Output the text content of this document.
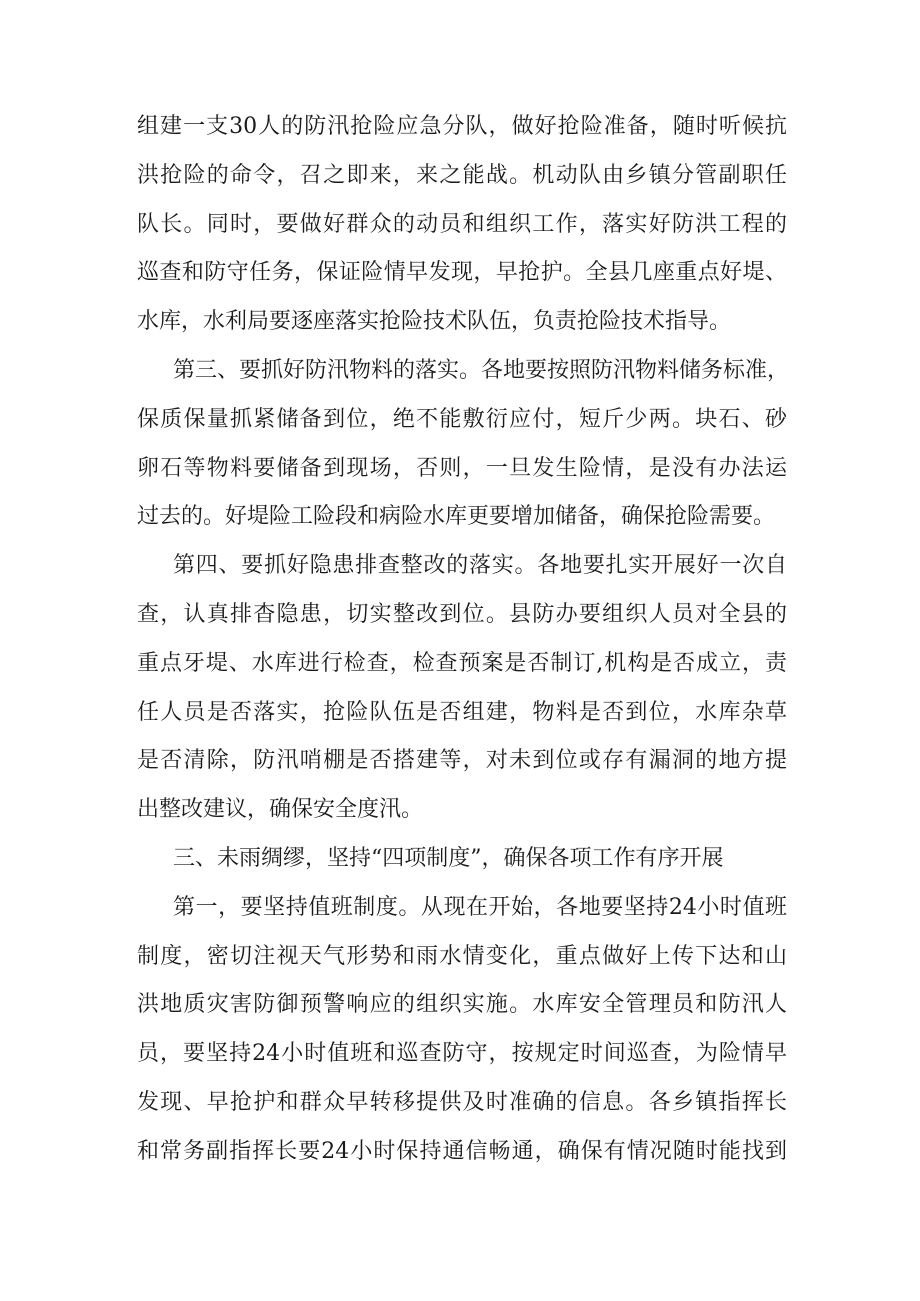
组建一支30人的防汛抢险应急分队，做好抢险准备，随时听候抗
洪抢险的命令，召之即来，来之能战。机动队由乡镇分管副职任
队长。同时，要做好群众的动员和组织工作，落实好防洪工程的
巡查和防守任务，保证险情早发现，早抢护。全县几座重点好堤、
水库，水利局要逐座落实抢险技术队伍，负责抢险技术指导。
第三、要抓好防汛物料的落实。各地要按照防汛物料储务标准，
保质保量抓紧储备到位，绝不能敷衍应付，短斤少两。块石、砂
卵石等物料要储备到现场，否则，一旦发生险情，是没有办法运
过去的。好堤险工险段和病险水库更要增加储备，确保抢险需要。
第四、要抓好隐患排查整改的落实。各地要扎实开展好一次自
查，认真排杳隐患，切实整改到位。县防办要组织人员对全县的
重点牙堤、水库进行检查，检查预案是否制订,机构是否成立，责
任人员是否落实，抢险队伍是否组建，物料是否到位，水库杂草
是否清除，防汛哨棚是否搭建等，对未到位或存有漏洞的地方提
出整改建议，确保安全度汛。
三、未雨绸缪，坚持“四项制度”，确保各项工作有序开展
第一，要坚持值班制度。从现在开始，各地要坚持24小时值班
制度，密切注视天气形势和雨水情变化，重点做好上传下达和山
洪地质灾害防御预警响应的组织实施。水库安全管理员和防汛人
员，要坚持24小时值班和巡查防守，按规定时间巡查，为险情早
发现、早抢护和群众早转移提供及时准确的信息。各乡镇指挥长
和常务副指挥长要24小时保持通信畅通，确保有情况随时能找到
